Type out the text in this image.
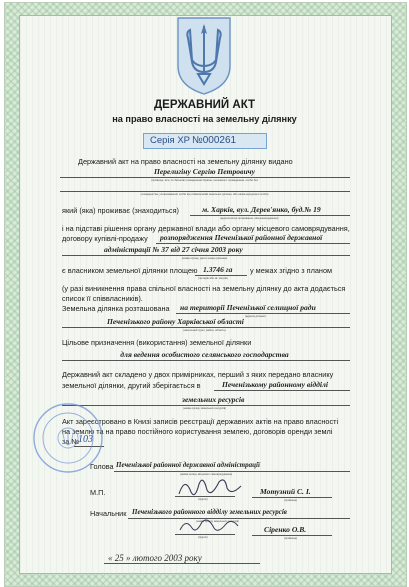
ДЕРЖАВНИЙ АКТ
на право власності на земельну ділянку
Серія ХР №000261
Державний акт на право власності на земельну ділянку видано
Перелигіну Сергію Петровичу
(прізвище, ім'я, по батькові громадянина України, іноземного громадянина, особи без
громадянства, уповноваженої особи від співвласників земельної ділянки, або назва юридичної особи)
який (яка) проживає (знаходиться)	м. Харків, вул. Дерев'янко, буд.№ 19
(адреса місця проживання, місцезнаходження)
і на підставі рішення органу державної влади або органу місцевого самоврядування,
договору купівлі-продажу розпорядження Печенізької районної державної
адміністрації № 37 від 27 січня 2003 року
(назва органу, дата і номер рішення)
є власником земельної ділянки площею 1.3746 га
(гектарів або кв. метрів)
у межах згідно з планом
(у разі виникнення права спільної власності на земельну ділянку до акта додається
список її співвласників).
Земельна ділянка розташована на території Печенізької селищної ради
(адреса ділянки)
Печенізького району Харківської області
(населений пункт, район, область)
Цільове призначення (використання) земельної ділянки
для ведення особистого селянського господарства
Державний акт складено у двох примірниках, перший з яких передано власнику
земельної ділянки, другий зберігається в	Печенізькому районному відділі
земельних ресурсів
(назва органу земельних ресурсів)
Акт зареєстровано в Книзі записів реєстрації державних актів на право власності
на землю та на право постійного користування землею, договорів оренди землі
за №
103
Голова Печенізької районної державної адміністрації
(назва органу місцевого самоврядування)
М.П.
(підпис)
Мотузний С. І.
(прізвище)
Начальник Печенізького районного відділу земельних ресурсів
(назва органу земельних ресурсів)
(підпис)
Сіренко О.В.
(прізвище)
« 25 » лютого 2003 року
